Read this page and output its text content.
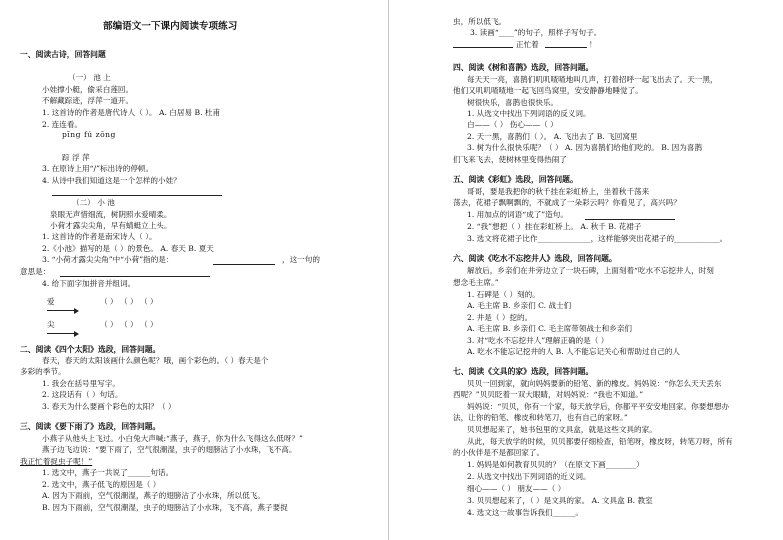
部编语文一下课内阅读专项练习
一、阅读古诗，回答问题
（一） 池 上
小娃撑小艇，偷采白莲回。
不解藏踪迹，浮萍一道开。
1. 这首诗的作者是唐代诗人（ ）。 A. 白居易 B. 杜甫
2. 连连看。
pīng fú zōng
踪 浮 萍
3. 在原诗上用“/”标出诗的停顿。
4. 从诗中我们知道这是一个怎样的小娃？
（二） 小 池
泉眼无声惜细流，树阴照水爱晴柔。
小荷才露尖尖角，早有蜻蜓立上头。
1. 这首诗的作者是南宋诗人（ ）。
2.《小池》描写的是（ ）的景色。 A. 春天 B. 夏天
3. “小荷才露尖尖角”中“小荷”指的是：	，这一句的
意思是：
4. 给下面字加拼音并组词。
爱	（ ） （ ） （ ）
尖	（ ） （ ） （ ）
二、阅读《四个太阳》选段，回答问题。
春天，春天的太阳该画什么颜色呢？哦，画个彩色的。（ ）春天是个
多彩的季节。
1. 我会在括号里写字。
2. 这段话有（ ）句话。
3. 春天为什么要画个彩色的太阳？（ ）
三、阅读《要下雨了》选段，回答问题。
小燕子从他头上飞过。小白兔大声喊:“燕子，燕子，你为什么飞得这么低呀？”
燕子边飞边说：“要下雨了，空气很潮湿，虫子的翅膀沾了小水珠，飞不高。
我正忙着捉虫子呢！”
1. 选文中，燕子一共说了______句话。
2. 选文中，燕子低飞的原因是（ ）
A. 因为下雨前，空气很潮湿，燕子的翅膀沾了小水珠，所以低飞。
B. 因为下雨前，空气很潮湿，虫子的翅膀沾了小水珠，飞不高，燕子要捉
虫，所以低飞。
3. 读画“____”的句子，照样子写句子。
正忙着	！
四、阅读《树和喜鹊》选段，回答问题。
每天天一亮，喜鹊们叽叽喳喳地叫几声，打着招呼一起飞出去了。天一黑，
他们又叽叽喳喳地一起飞回鸟窝里，安安静静地睡觉了。
树很快乐，喜鹊也很快乐。
1. 从选文中找出下列词语的反义词。
白——（ ） 伤心——（ ）
2. 天一黑，喜鹊们（ ）。 A. 飞出去了 B. 飞回窝里
3. 树为什么很快乐呢？（ ） A. 因为喜鹊们给他们吃的。 B. 因为喜鹊
们飞来飞去，使树林里变得热闹了
五、阅读《彩虹》选段，回答问题。
哥哥，要是我把你的秋千挂在彩虹桥上，坐着秋千荡来
荡去，花裙子飘啊飘的，不就成了一朵彩云吗？你看见了，高兴吗？
1. 用加点的词语“成了”造句。
2. “我”想把（ ）挂在彩虹桥上。 A. 秋千 B. 花裙子
3. 选文将花裙子比作______________，这样能够突出花裙子的____________。
六、阅读《吃水不忘挖井人》选段，回答问题。
解放后，乡亲们在井旁边立了一块石碑，上面刻着“吃水不忘挖井人，时刻
想念毛主席。”
1. 石碑是（ ）刻的。
A. 毛主席 B. 乡亲们 C. 战士们
2. 井是（ ）挖的。
A. 毛主席 B. 乡亲们 C. 毛主席带领战士和乡亲们
3. 对“吃水不忘挖井人”理解正确的是（ ）
A. 吃水不能忘记挖井的人 B. 人不能忘记关心和帮助过自己的人
七、阅读《文具的家》选段，回答问题。
贝贝一回到家，就向妈妈要新的铅笔、新的橡皮。妈妈说：“你怎么天天丢东
西呢？”贝贝眨着一双大眼睛，对妈妈说：“我也不知道。”
妈妈说：“贝贝，你有一个家，每天放学后，你都平平安安地回家。你要想想办
法，让你的铅笔、橡皮和转笔刀，也有自己的家呀。”
贝贝想起来了，她书包里的文具盒，就是这些文具的家。
从此，每天放学的时候，贝贝都要仔细检查，铅笔呀，橡皮呀，转笔刀呀，所有
的小伙伴是不是都回家了。
1. 妈妈是如何教育贝贝的？（在原文下画________）
2. 从选文中找出下列词语的近义词。
细心——（ ） 朋友——（ ）
3. 贝贝想起来了，（ ）是文具的家。 A. 文具盒 B. 教室
4. 选文这一故事告诉我们______。
